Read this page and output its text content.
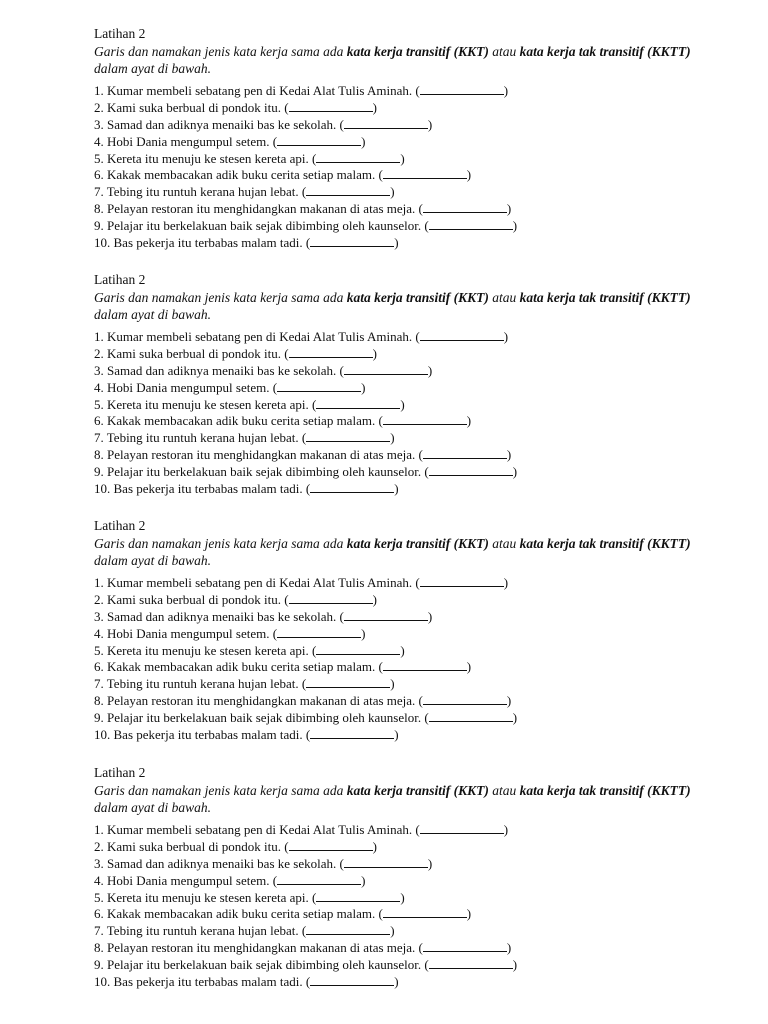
Latihan 2
Garis dan namakan jenis kata kerja sama ada kata kerja transitif (KKT) atau kata kerja tak transitif (KKTT) dalam ayat di bawah.
1. Kumar membeli sebatang pen di Kedai Alat Tulis Aminah. (	)
2. Kami suka berbual di pondok itu. (	)
3. Samad dan adiknya menaiki bas ke sekolah. (	)
4. Hobi Dania mengumpul setem. (	)
5. Kereta itu menuju ke stesen kereta api. (	)
6. Kakak membacakan adik buku cerita setiap malam. (	)
7. Tebing itu runtuh kerana hujan lebat. (	)
8. Pelayan restoran itu menghidangkan makanan di atas meja. (	)
9. Pelajar itu berkelakuan baik sejak dibimbing oleh kaunselor. (	)
10. Bas pekerja itu terbabas malam tadi. (	)
Latihan 2
Garis dan namakan jenis kata kerja sama ada kata kerja transitif (KKT) atau kata kerja tak transitif (KKTT) dalam ayat di bawah.
1. Kumar membeli sebatang pen di Kedai Alat Tulis Aminah. (	)
2. Kami suka berbual di pondok itu. (	)
3. Samad dan adiknya menaiki bas ke sekolah. (	)
4. Hobi Dania mengumpul setem. (	)
5. Kereta itu menuju ke stesen kereta api. (	)
6. Kakak membacakan adik buku cerita setiap malam. (	)
7. Tebing itu runtuh kerana hujan lebat. (	)
8. Pelayan restoran itu menghidangkan makanan di atas meja. (	)
9. Pelajar itu berkelakuan baik sejak dibimbing oleh kaunselor. (	)
10. Bas pekerja itu terbabas malam tadi. (	)
Latihan 2
Garis dan namakan jenis kata kerja sama ada kata kerja transitif (KKT) atau kata kerja tak transitif (KKTT) dalam ayat di bawah.
1. Kumar membeli sebatang pen di Kedai Alat Tulis Aminah. (	)
2. Kami suka berbual di pondok itu. (	)
3. Samad dan adiknya menaiki bas ke sekolah. (	)
4. Hobi Dania mengumpul setem. (	)
5. Kereta itu menuju ke stesen kereta api. (	)
6. Kakak membacakan adik buku cerita setiap malam. (	)
7. Tebing itu runtuh kerana hujan lebat. (	)
8. Pelayan restoran itu menghidangkan makanan di atas meja. (	)
9. Pelajar itu berkelakuan baik sejak dibimbing oleh kaunselor. (	)
10. Bas pekerja itu terbabas malam tadi. (	)
Latihan 2
Garis dan namakan jenis kata kerja sama ada kata kerja transitif (KKT) atau kata kerja tak transitif (KKTT) dalam ayat di bawah.
1. Kumar membeli sebatang pen di Kedai Alat Tulis Aminah. (	)
2. Kami suka berbual di pondok itu. (	)
3. Samad dan adiknya menaiki bas ke sekolah. (	)
4. Hobi Dania mengumpul setem. (	)
5. Kereta itu menuju ke stesen kereta api. (	)
6. Kakak membacakan adik buku cerita setiap malam. (	)
7. Tebing itu runtuh kerana hujan lebat. (	)
8. Pelayan restoran itu menghidangkan makanan di atas meja. (	)
9. Pelajar itu berkelakuan baik sejak dibimbing oleh kaunselor. (	)
10. Bas pekerja itu terbabas malam tadi. (	)
